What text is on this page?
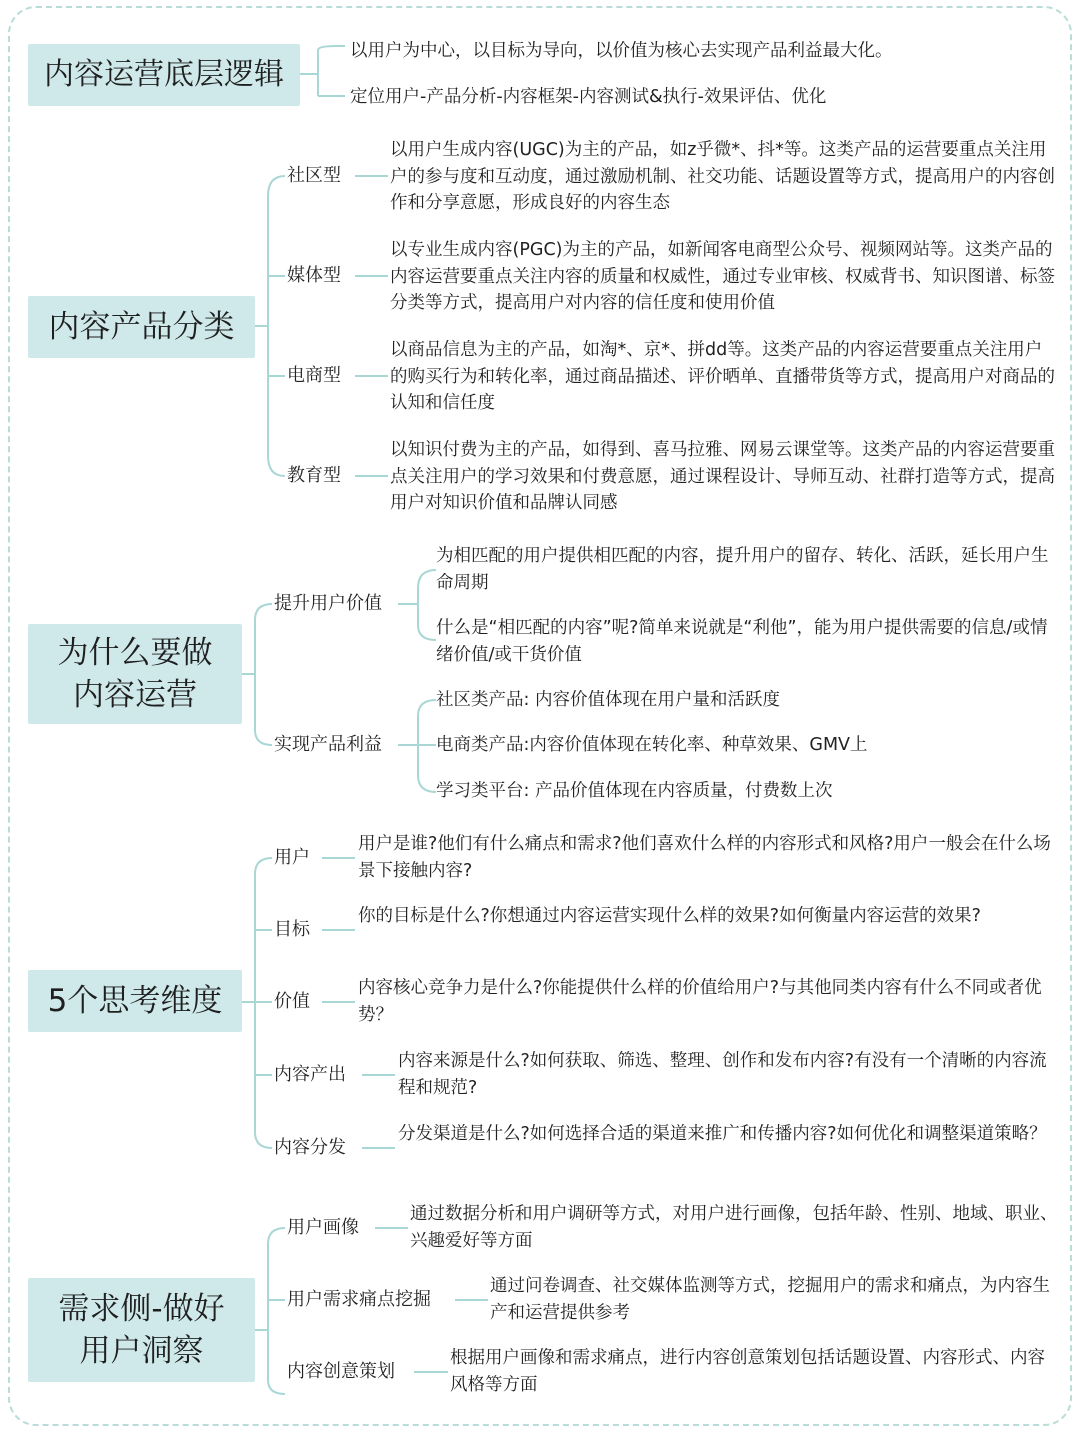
内容运营底层逻辑
以用户为中心，以目标为导向，以价值为核心去实现产品利益最大化。
定位用户-产品分析-内容框架-内容测试&执行-效果评估、优化
内容产品分类
社区型
以用户生成内容(UGC)为主的产品，如z乎微*、抖*等。这类产品的运营要重点关注用户的参与度和互动度，通过激励机制、社交功能、话题设置等方式，提高用户的内容创作和分享意愿，形成良好的内容生态
媒体型
以专业生成内容(PGC)为主的产品，如新闻客电商型公众号、视频网站等。这类产品的内容运营要重点关注内容的质量和权威性，通过专业审核、权威背书、知识图谱、标签分类等方式，提高用户对内容的信任度和使用价值
电商型
以商品信息为主的产品，如淘*、京*、拼dd等。这类产品的内容运营要重点关注用户的购买行为和转化率，通过商品描述、评价晒单、直播带货等方式，提高用户对商品的认知和信任度
教育型
以知识付费为主的产品，如得到、喜马拉雅、网易云课堂等。这类产品的内容运营要重点关注用户的学习效果和付费意愿，通过课程设计、导师互动、社群打造等方式，提高用户对知识价值和品牌认同感
为什么要做
内容运营
提升用户价值
为相匹配的用户提供相匹配的内容，提升用户的留存、转化、活跃，延长用户生命周期
什么是“相匹配的内容”呢?简单来说就是“利他”，能为用户提供需要的信息/或情绪价值/或干货价值
实现产品利益
社区类产品: 内容价值体现在用户量和活跃度
电商类产品:内容价值体现在转化率、种草效果、GMV上
学习类平台: 产品价值体现在内容质量，付费数上次
5个思考维度
用户
用户是谁?他们有什么痛点和需求?他们喜欢什么样的内容形式和风格?用户一般会在什么场景下接触内容?
目标
你的目标是什么?你想通过内容运营实现什么样的效果?如何衡量内容运营的效果?
价值
内容核心竞争力是什么?你能提供什么样的价值给用户?与其他同类内容有什么不同或者优势？
内容产出
内容来源是什么?如何获取、筛选、整理、创作和发布内容?有没有一个清晰的内容流程和规范?
内容分发
分发渠道是什么?如何选择合适的渠道来推广和传播内容?如何优化和调整渠道策略？
需求侧-做好
用户洞察
用户画像
通过数据分析和用户调研等方式，对用户进行画像，包括年龄、性别、地域、职业、兴趣爱好等方面
用户需求痛点挖掘
通过问卷调查、社交媒体监测等方式，挖掘用户的需求和痛点，为内容生产和运营提供参考
内容创意策划
根据用户画像和需求痛点，进行内容创意策划包括话题设置、内容形式、内容风格等方面
